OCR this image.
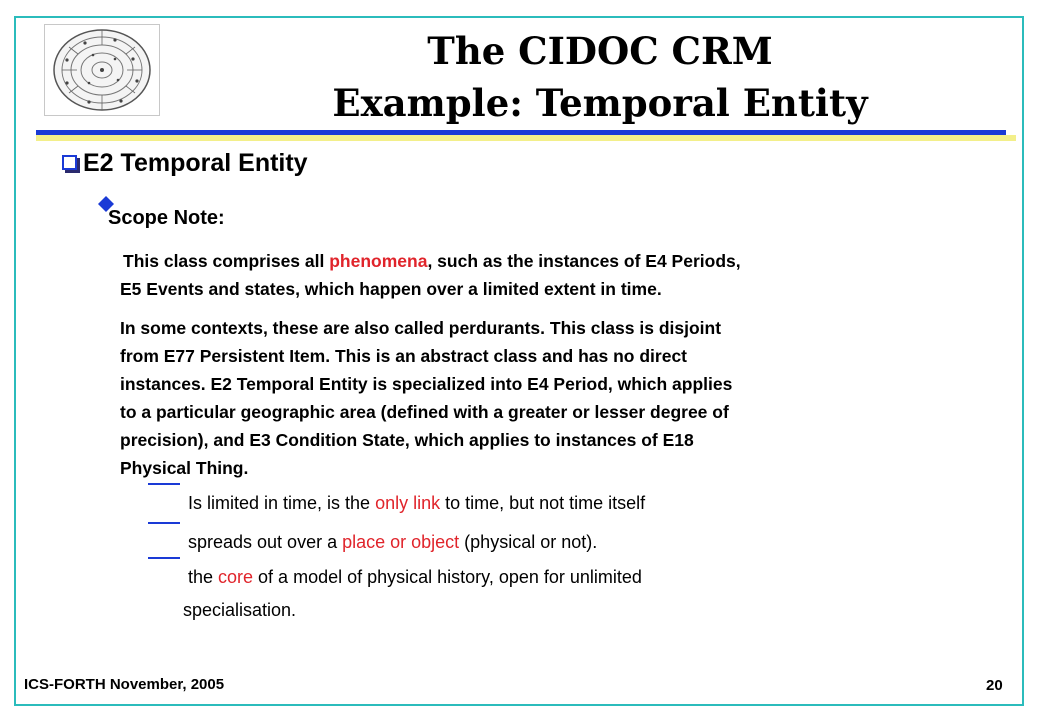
The CIDOC CRM
Example: Temporal Entity
E2 Temporal Entity
Scope Note:
This class comprises all phenomena, such as the instances of E4 Periods,
E5 Events and states, which happen over a limited extent in time.
In some contexts, these are also called perdurants. This class is disjoint
from E77 Persistent Item. This is an abstract class and has no direct
instances. E2 Temporal Entity is specialized into E4 Period, which applies
to a particular geographic area (defined with a greater or lesser degree of
precision), and E3 Condition State, which applies to instances of E18
Physical Thing.
Is limited in time, is the only link to time, but not time itself
spreads out over a place or object (physical or not).
the core of a model of physical history, open for unlimited
specialisation.
ICS-FORTH November, 2005	20
